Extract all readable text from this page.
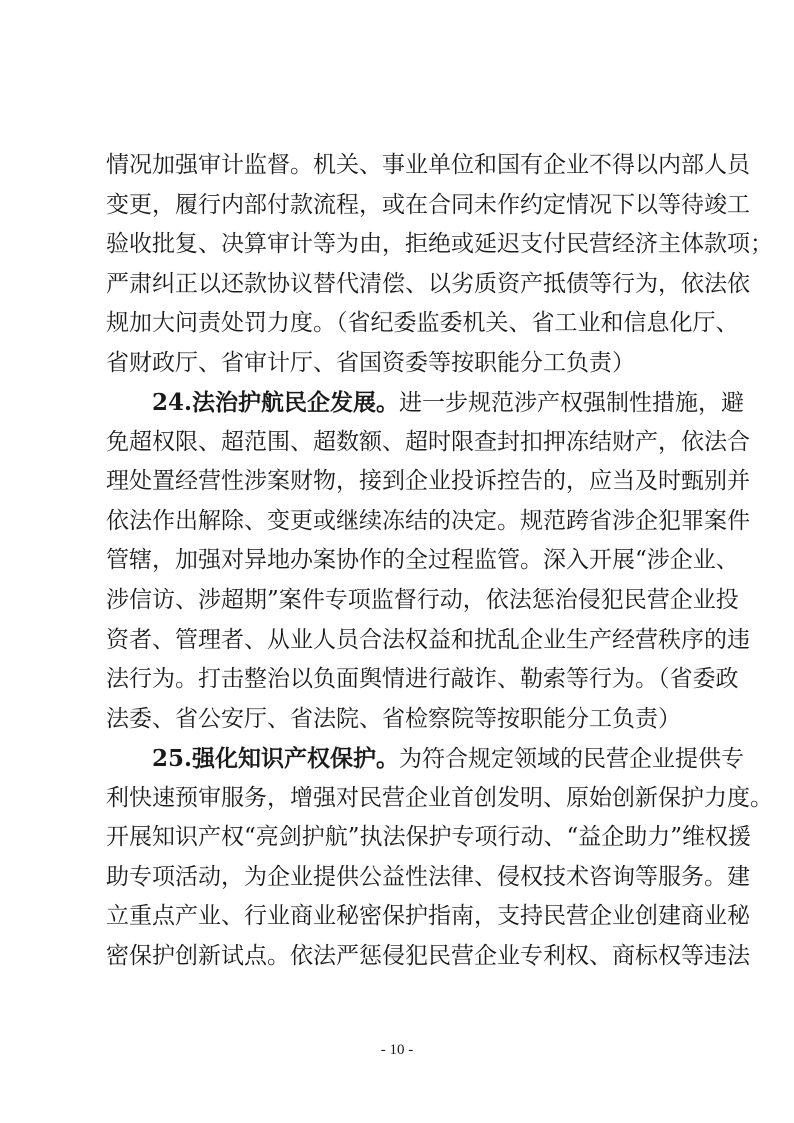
情况加强审计监督。机关、事业单位和国有企业不得以内部人员
变更，履行内部付款流程，或在合同未作约定情况下以等待竣工
验收批复、决算审计等为由，拒绝或延迟支付民营经济主体款项；
严肃纠正以还款协议替代清偿、以劣质资产抵债等行为，依法依
规加大问责处罚力度。（省纪委监委机关、省工业和信息化厅、
省财政厅、省审计厅、省国资委等按职能分工负责）
24.法治护航民企发展。进一步规范涉产权强制性措施，避
免超权限、超范围、超数额、超时限查封扣押冻结财产，依法合
理处置经营性涉案财物，接到企业投诉控告的，应当及时甄别并
依法作出解除、变更或继续冻结的决定。规范跨省涉企犯罪案件
管辖，加强对异地办案协作的全过程监管。深入开展“涉企业、
涉信访、涉超期”案件专项监督行动，依法惩治侵犯民营企业投
资者、管理者、从业人员合法权益和扰乱企业生产经营秩序的违
法行为。打击整治以负面舆情进行敲诈、勒索等行为。（省委政
法委、省公安厅、省法院、省检察院等按职能分工负责）
25.强化知识产权保护。为符合规定领域的民营企业提供专
利快速预审服务，增强对民营企业首创发明、原始创新保护力度。
开展知识产权“亮剑护航”执法保护专项行动、“益企助力”维权援
助专项活动，为企业提供公益性法律、侵权技术咨询等服务。建
立重点产业、行业商业秘密保护指南，支持民营企业创建商业秘
密保护创新试点。依法严惩侵犯民营企业专利权、商标权等违法
- 10 -
